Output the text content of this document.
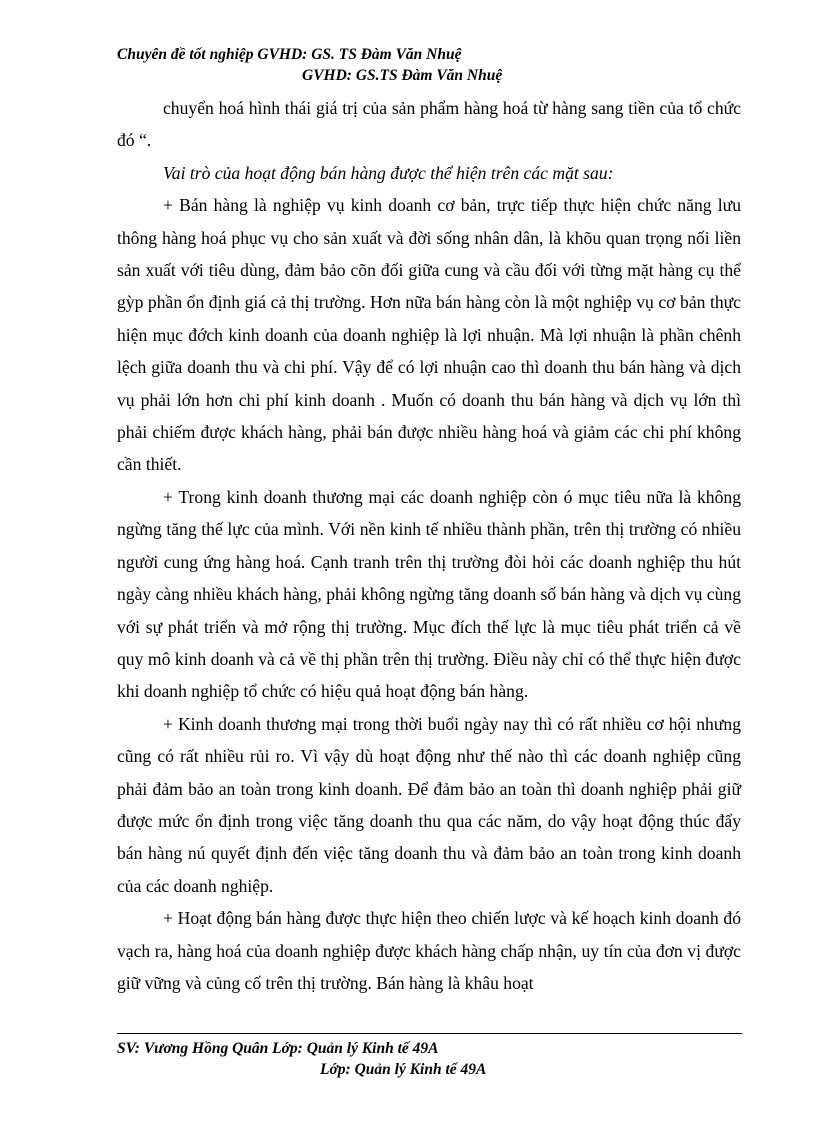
Chuyên đề tốt nghiệp GVHD: GS. TS Đàm Văn Nhuệ
GVHD: GS.TS Đàm Văn Nhuệ

chuyển hoá hình thái giá trị của sản phẩm hàng hoá từ hàng sang tiền của tổ chức đó “.

Vai trò của hoạt động bán hàng được thể hiện trên các mặt sau:

+ Bán hàng là nghiệp vụ kinh doanh cơ bản, trực tiếp thực hiện chức năng lưu thông hàng hoá phục vụ cho sản xuất và đời sống nhân dân, là khõu quan trọng nối liền sản xuất với tiêu dùng, đảm bảo cõn đối giữa cung và cầu đối với từng mặt hàng cụ thể gỳp phần ổn định giá cả thị trường. Hơn nữa bán hàng còn là một nghiệp vụ cơ bản thực hiện mục đớch kinh doanh của doanh nghiệp là lợi nhuận. Mà lợi nhuận là phần chênh lệch giữa doanh thu và chi phí. Vậy để có lợi nhuận cao thì doanh thu bán hàng và dịch vụ phải lớn hơn chi phí kinh doanh . Muốn có doanh thu bán hàng và dịch vụ lớn thì phải chiếm được khách hàng, phải bán được nhiều hàng hoá và giảm các chi phí không cần thiết.

+ Trong kinh doanh thương mại các doanh nghiệp còn ó mục tiêu nữa là không ngừng tăng thế lực của mình. Với nền kinh tế nhiều thành phần, trên thị trường có nhiều người cung ứng hàng hoá. Cạnh tranh trên thị trường đòi hỏi các doanh nghiệp thu hút ngày càng nhiều khách hàng, phải không ngừng tăng doanh số bán hàng và dịch vụ cùng với sự phát triển và mở rộng thị trường. Mục đích thế lực là mục tiêu phát triển cả về quy mô kinh doanh và cả về thị phần trên thị trường. Điều này chỉ có thể thực hiện được khi doanh nghiệp tổ chức có hiệu quả hoạt động bán hàng.

+ Kinh doanh thương mại trong thời buổi ngày nay thì có rất nhiều cơ hội nhưng cũng có rất nhiều rủi ro. Vì vậy dù hoạt động như thế nào thì các doanh nghiệp cũng phải đảm bảo an toàn trong kinh doanh. Để đảm bảo an toàn thì doanh nghiệp phải giữ được mức ổn định trong việc tăng doanh thu qua các năm, do vậy hoạt động thúc đẩy bán hàng nú quyết định đến việc tăng doanh thu và đảm bảo an toàn trong kinh doanh của các doanh nghiệp.

+ Hoạt động bán hàng được thực hiện theo chiến lược và kế hoạch kinh doanh đó vạch ra, hàng hoá của doanh nghiệp được khách hàng chấp nhận, uy tín của đơn vị được giữ vững và củng cố trên thị trường. Bán hàng là khâu hoạt

SV: Vương Hồng Quân Lớp: Quản lý Kinh tế 49A
Lớp: Quản lý Kinh tế 49A
